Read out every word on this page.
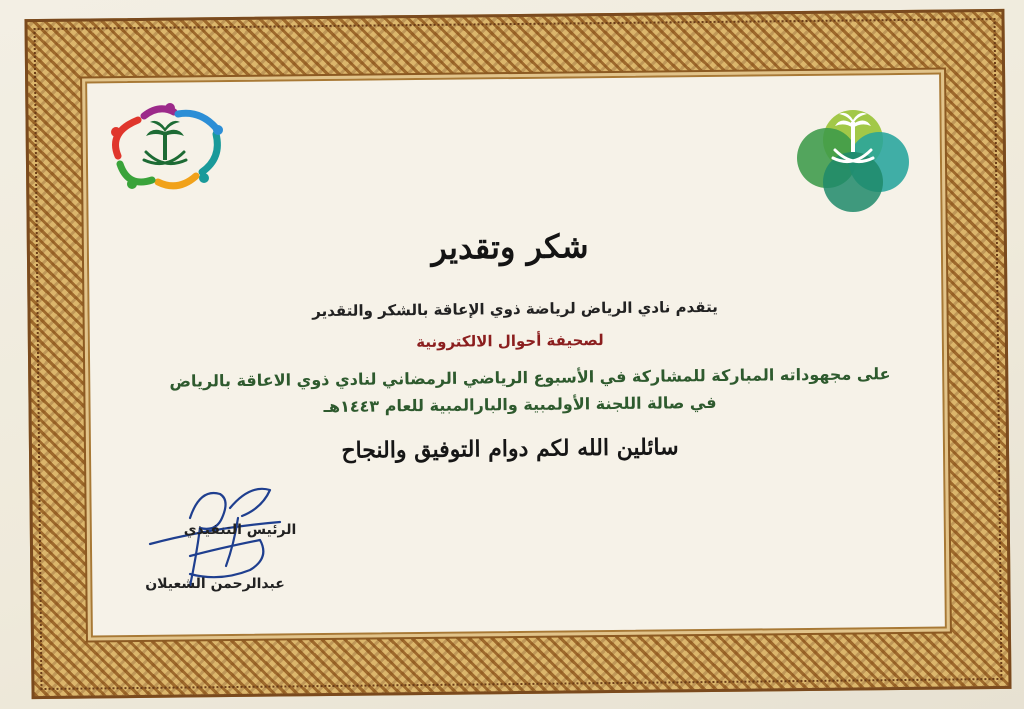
شكر وتقدير
يتقدم نادي الرياض لرياضة ذوي الإعاقة بالشكر والتقدير
لصحيفة أحوال الالكترونية
على مجهوداته المباركة للمشاركة في الأسبوع الرياضي الرمضاني لنادي ذوي الاعاقة بالرياض
في صالة اللجنة الأولمبية والبارالمبية للعام ١٤٤٣هـ
سائلين الله لكم دوام التوفيق والنجاح
الرئيس التنفيذي
عبدالرحمن الشعيلان
